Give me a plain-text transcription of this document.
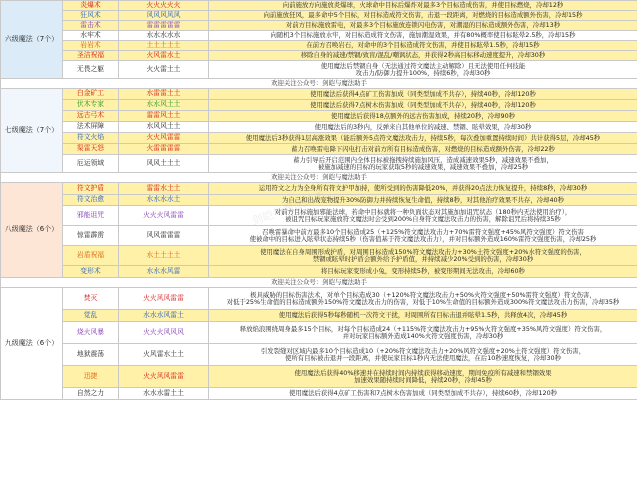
六级魔法（7个）	炎爆术	火火火火火	向前施放方向施放炎爆球，火球命中目标后爆炸对最多3个目标造成伤害，并使目标燃烧，冷却12秒
	狂风术	风风风风风	向前施放狂风，最多命中5个目标，对目标造成符文伤害，击退一段距离，对燃烧的目标造成额外伤害，冷却15秒
	雷击术	雷雷雷雷雷	对前方目标施放雷电，对最多3个目标施放连锁闪电伤害，对潮湿的目标造成额外伤害，冷却13秒
	水牢术	水水水水水	向随机3个目标施放水牢，对目标造成符文伤害，施加潮湿效果，并有80%概率使目标眩晕2.5秒，冷却15秒
	岩岩术	土土土土土	在前方召唤岩石，对命中的3个目标造成符文伤害，并使目标眩晕1.5秒，冷却15秒
	圣洁祝福	火风雷水土	移除自身的减速/禁锢/致盲/混乱/嘲讽状态，并获得2秒高目标移动速度提升，冷却30秒
	无畏之躯	火火雷土土	使用魔法后禁锢自身（无法通过符文魔法主动解除）且无法使用任何技能
攻击力/防御力提升100%，持续6秒，冷却30秒
欢迎关注公众号：剑皑与魔法助手			
七级魔法（7个）	白金矿工	水雷雷土土	使用魔法后获得4点矿工伤害加成（同类型加成不共存），持续40秒，冷却120秒
	伏木专家	水水风土土	使用魔法后获得7点树木伤害加成（同类型加成不共存），持续40秒，冷却120秒
	远古弓术	雷雷风土土	使用魔法后获得18点额外的远古伤害加成，持续20秒，冷却90秒
	法术屏障	水风风土土	使用魔法后的3秒内，反弹来自其他单位的减速、禁锢、眩晕效果，冷却30秒
	符文火焰	火火风雷雷	使用魔法后3秒获得1层高涨效果（能后额外5点符文魔法攻击力，持续5秒，每次叠加重置持续时间）共计获得5层，冷却45秒
	渠雷天怒	火雷雷雷雷	蓄力召唤雷电降下闪电打击对前方所有目标造成伤害，对燃烧的目标造成额外伤害，冷却22秒
	厄运领域	风风土土土	蓄力引导后开启范围内全体目标被拖拽持续施加风压，造成减速效果5秒，减速效果不叠加，
被施加减速的目标的玩家获取5秒的减速效果，减速效果不叠加，冷却25秒
欢迎关注公众号：剑皑与魔法助手			
八级魔法（6个）	符文护盾	雷雷水土土	运用符文之力为全身所有符文护甲加持，使所受到的伤害降低20%，并获得20点法力恢复提升，持续8秒，冷却30秒
	符文治愈	水水水水土	为自己和出战宠物提升30%防御力并持续恢复生命值，持续8秒，对其他治疗效果不共存，冷却40秒
	邪能诅咒	火火火风雷雷	对前方目标施加邪能法球，若命中目标就将一种负面状态对其施加加诅咒状态（180秒内无法使用治疗），
被诅咒目标玩家施放符文魔法时会受到200%自身符文魔法攻击力的伤害，解除诅咒后将持续35秒
	惊雷霹雳	风风雷雷雷	召唤雷暴命中前方最多10个目标造成25（+125%符文魔法攻击力+70%雷符文强度+45%风符文强度）符文伤害
使被命中的目标进入眩晕状态持续5秒（伤害值基于符文魔法攻击力），并对目标额外造成160%雷符文强度伤害，冷却25秒
	岩盾祝福	水土土土土	使用魔法在自身周围形成护盾，对周围目标造成150%符文魔法攻击力+30%土符文强度+20%水符文强度的伤害，
禁锢或眩晕时护盾会额外给予护盾值，并持续减少20%受到的伤害，冷却30秒
	变形术	水水水风雷	将目标玩家变形成小兔，变形持续5秒，被变形期间无法攻击，冷却60秒
欢迎关注公众号：剑皑与魔法助手			
九级魔法（6个）	焚灭	火火风风雷雷	极具威胁的目标伤害法术，对单个目标造成30（+120%符文魔法攻击力+50%火符文强度+50%雷符文强度）符文伤害，
对低于25%生命值的目标造成额外150%符文魔法攻击力的伤害，对低于10%生命值的目标额外造成300%符文魔法攻击力伤害，冷却35秒
	觉乱	水水水风雷土	使用魔法后获得5秒每秒随机一次符文干扰，对周围所有目标击退并眩晕1.5秒，共释放4次，冷却45秒
	烧火风暴	火火火风风风	释放焰浪围绕周身最多15个目标，对每个目标造成24（+115%符文魔法攻击力+95%火符文强度+35%风符文强度）符文伤害，
并对玩家目标额外造成140%火符文强度伤害，冷却30秒
	地狱震荡	火风雷水土土	引发裂缝对区域内最多10个目标造成10（+20%符文魔法攻击力+20%风符文强度+20%土符文强度）符文伤害，
使所有目标被击退并一段距离，并使玩家目标1秒内无法使用魔法，在后10秒速度恢复，冷却30秒
	迅捷	火火风风雷雷	使用魔法后获得40%移速并在持续时间内持续获得移动速度，期间免疫所有减速和禁锢效果
加速效果随持续时间降低，持续20秒，冷却45秒
	自然之力	水水水雷土土	使用魔法后获得4点矿工伤害和7点树木伤害加成（同类型加成不共存），持续60秒，冷却120秒
剑皑与魔法助手
